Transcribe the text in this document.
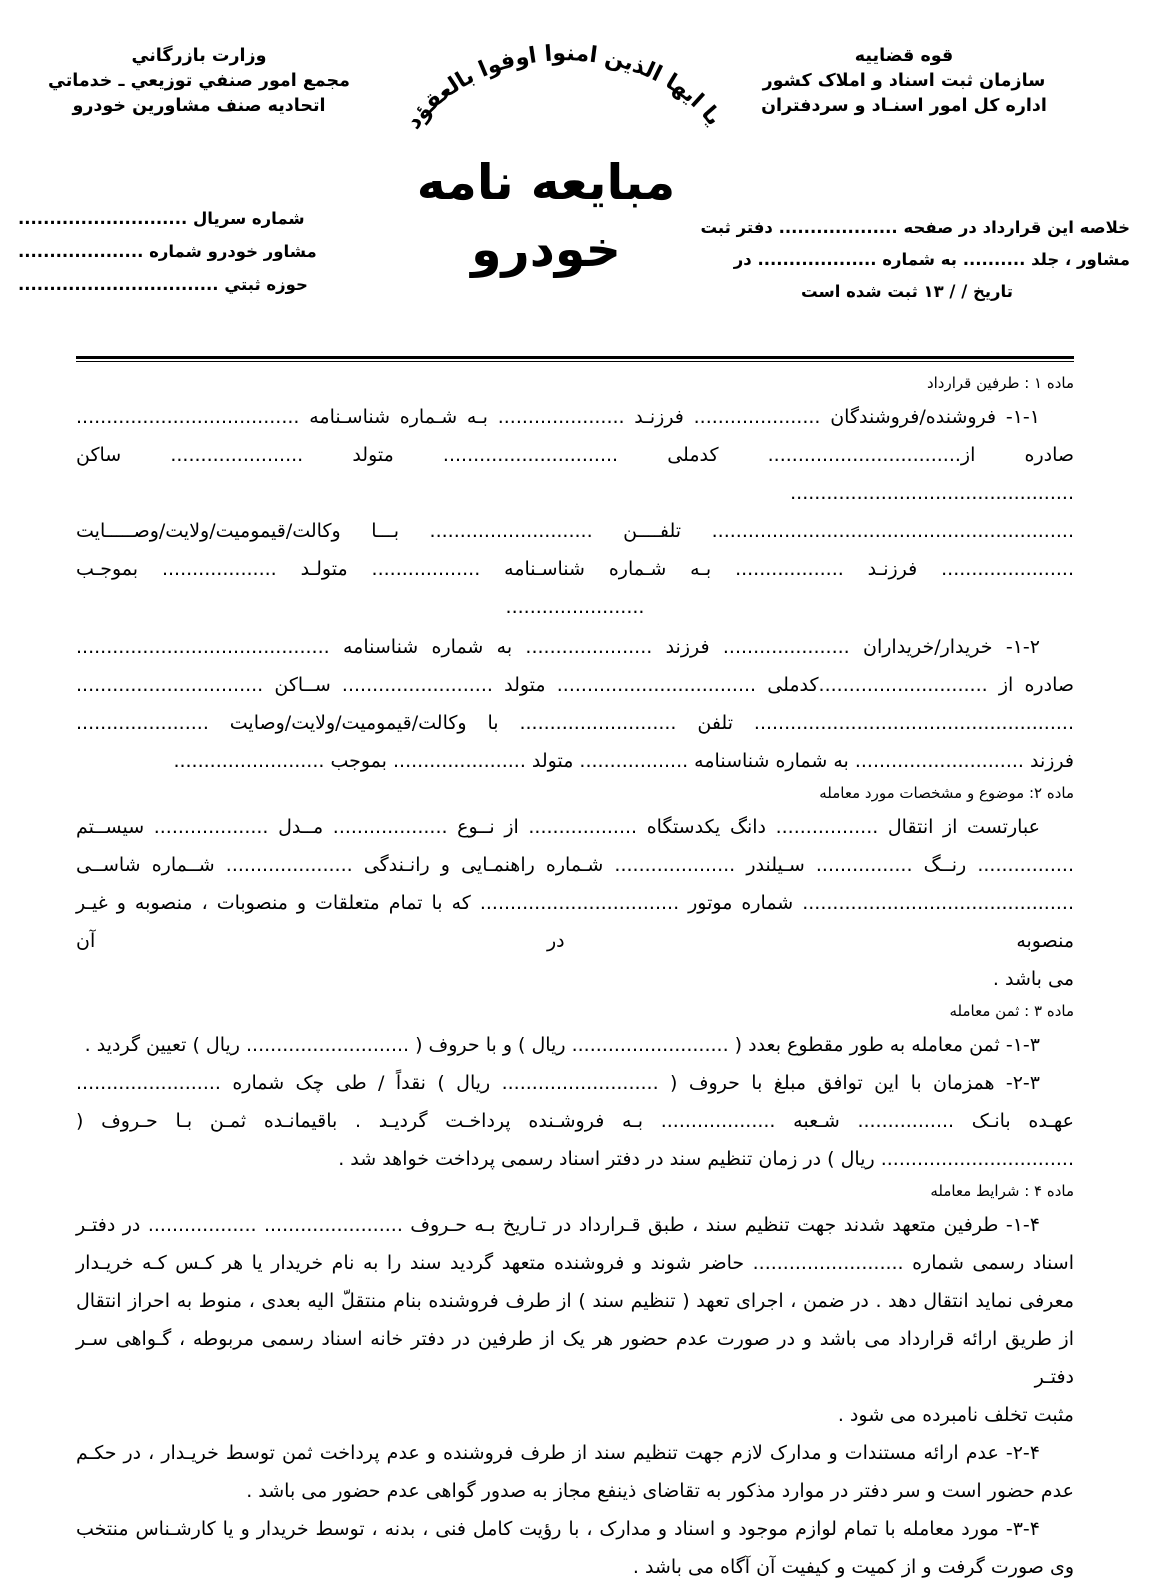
قوه قضاییه
سازمان ثبت اسناد و املاک کشور
اداره کل امور اسنـاد و سردفتران
وزارت بازرگاني
مجمع امور صنفي توزيعي ـ خدماتي
اتحاديه صنف مشاورين خودرو
يا ايها الذين امنوا اوفوا بالعقؤد
مبایعه نامه
خودرو	خلاصه این قرارداد در صفحه ................... دفتر ثبت
مشاور ، جلد .......... به شماره ................... در
تاریخ / / ۱۳ ثبت شده است
شماره سریال ...........................
مشاور خودرو شماره ....................
حوزه ثبتي ................................
ماده ۱ : طرفین قرارداد

۱-۱- فروشنده/فروشندگان ..................... فرزنـد ..................... بـه شـماره شناسـنامه .....................................

صادره از................................ کدملی ............................. متولد ...................... ساکن ...............................................

............................................................ تلفــــن ........................... بـــا وکالت/قیمومیت/ولایت/وصـــــایت

...................... فرزنـد .................. بـه شـماره شناسـنامه .................. متولـد ................... بموجـب

.......................

۱-۲- خریدار/خریداران ..................... فرزند ..................... به شماره شناسنامه ..........................................

صادره از ............................کدملی ................................. متولد ......................... ســاکن ...............................

..................................................... تلفن .......................... با وکالت/قیمومیت/ولایت/وصایت ......................

فرزند ............................ به شماره شناسنامه .................. متولد ...................... بموجب .........................

ماده ۲: موضوع و مشخصات مورد معامله

عبارتست از انتقال ................. دانگ یکدستگاه .................. از نــوع ................... مــدل ................... سیســتم

................ رنــگ ................ سـیلندر .................... شـماره راهنمـایی و رانـندگی ..................... شــماره شاســی

............................................. شماره موتور ................................. که با تمام متعلقات و منصوبات ، منصوبه و غیـر منصوبه در آن

می باشد .

ماده ۳ : ثمن معامله

۱-۳- ثمن معامله به طور مقطوع بعدد ( .......................... ریال ) و با حروف ( ........................... ریال ) تعیین گردید .

۲-۳- همزمان با این توافق مبلغ با حروف ( .......................... ریال ) نقداً / طی چک شماره ........................

عهـده بانـک ................ شـعبه ................... بـه فروشـنده پرداخـت گردیـد . باقیمانـده ثمـن بـا حـروف (

................................ ریال ) در زمان تنظیم سند در دفتر اسناد رسمی پرداخت خواهد شد .

ماده ۴ : شرایط معامله

۱-۴- طرفین متعهد شدند جهت تنظیم سند ، طبق قـرارداد در تـاریخ بـه حـروف ....................... .................. در دفتـر

اسناد رسمی شماره ......................... حاضر شوند و فروشنده متعهد گردید سند را به نام خریدار یا هر کـس کـه خریـدار

معرفی نماید انتقال دهد . در ضمن ، اجرای تعهد ( تنظیم سند ) از طرف فروشنده بنام منتقلّ الیه بعدی ، منوط به احراز انتقال

از طریق ارائه قرارداد می باشد و در صورت عدم حضور هر یک از طرفین در دفتر خانه اسناد رسمی مربوطه ، گـواهی سـر دفتـر

مثبت تخلف نامبرده می شود .

۲-۴- عدم ارائه مستندات و مدارک لازم جهت تنظیم سند از طرف فروشنده و عدم پرداخت ثمن توسط خریـدار ، در حکـم

عدم حضور است و سر دفتر در موارد مذکور به تقاضای ذینفع مجاز به صدور گواهی عدم حضور می باشد .

۳-۴- مورد معامله با تمام لوازم موجود و اسناد و مدارک ، با رؤیت کامل فنی ، بدنه ، توسط خریدار و یا کارشـناس منتخب

وی صورت گرفت و از کمیت و کیفیت آن آگاه می باشد .
